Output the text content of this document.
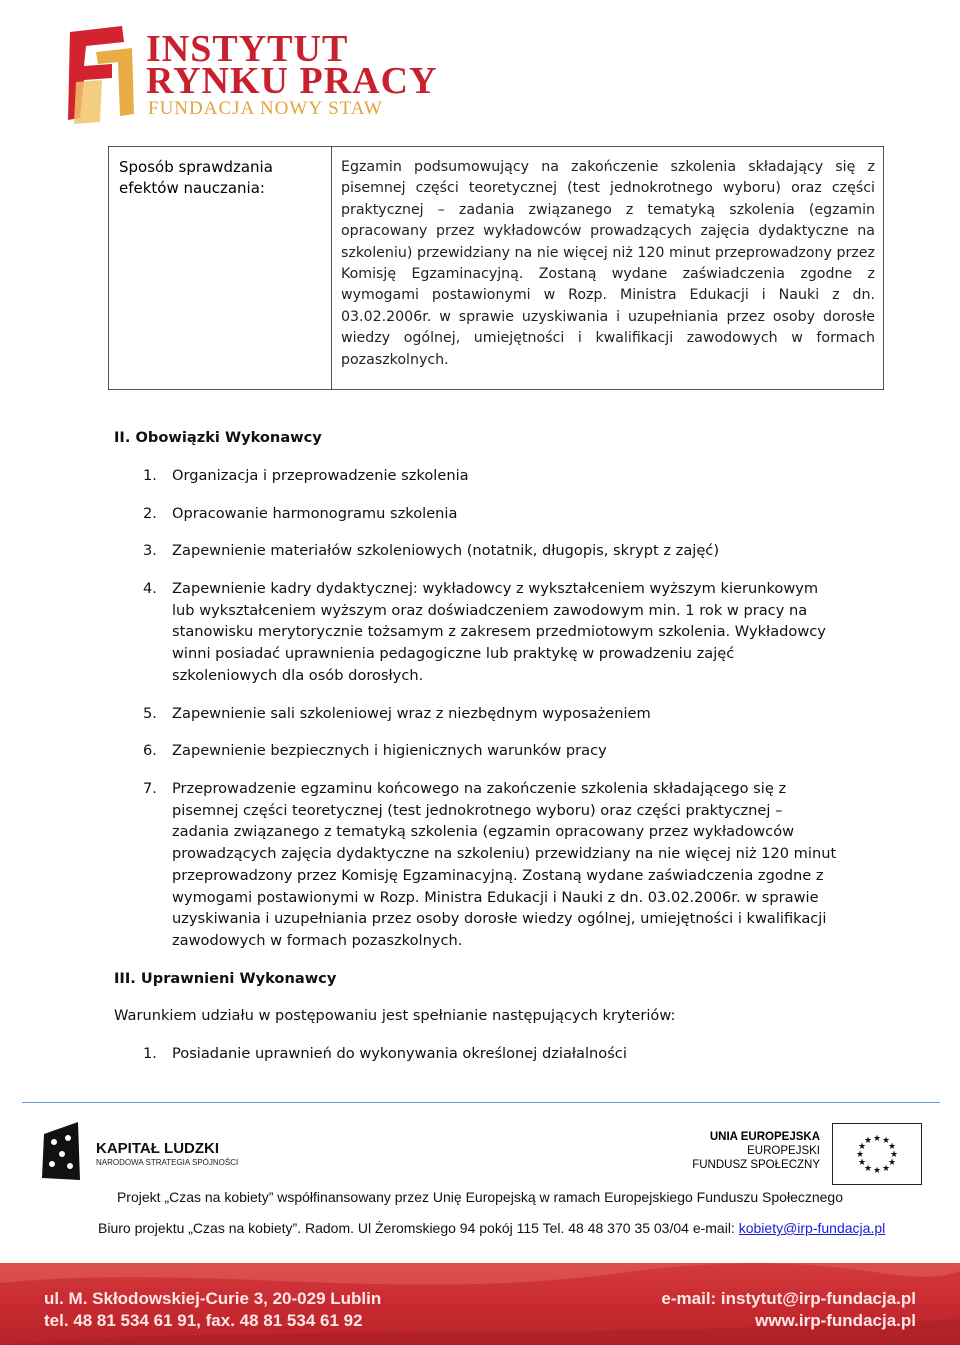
INSTYTUT
RYNKU PRACY
FUNDACJA NOWY STAW
Sposób sprawdzania efektów nauczania:
Egzamin podsumowujący na zakończenie szkolenia składający się z pisemnej części teoretycznej (test jednokrotnego wyboru) oraz części praktycznej – zadania związanego z tematyką szkolenia (egzamin opracowany przez wykładowców prowadzących zajęcia dydaktyczne na szkoleniu) przewidziany na nie więcej niż 120 minut przeprowadzony przez Komisję Egzaminacyjną. Zostaną wydane zaświadczenia zgodne z wymogami postawionymi w Rozp. Ministra Edukacji i Nauki z dn. 03.02.2006r. w sprawie uzyskiwania i uzupełniania przez osoby dorosłe wiedzy ogólnej, umiejętności i kwalifikacji zawodowych w formach pozaszkolnych.
II. Obowiązki Wykonawcy
1. Organizacja i przeprowadzenie szkolenia
2. Opracowanie harmonogramu szkolenia
3. Zapewnienie materiałów szkoleniowych (notatnik, długopis, skrypt z zajęć)
4. Zapewnienie kadry dydaktycznej: wykładowcy z wykształceniem wyższym kierunkowym lub wykształceniem wyższym oraz doświadczeniem zawodowym min. 1 rok w pracy na stanowisku merytorycznie tożsamym z zakresem przedmiotowym szkolenia. Wykładowcy winni posiadać uprawnienia pedagogiczne lub praktykę w prowadzeniu zajęć szkoleniowych dla osób dorosłych.
5. Zapewnienie sali szkoleniowej wraz z niezbędnym wyposażeniem
6. Zapewnienie bezpiecznych i higienicznych warunków pracy
7. Przeprowadzenie egzaminu końcowego na zakończenie szkolenia składającego się z pisemnej części teoretycznej (test jednokrotnego wyboru) oraz części praktycznej – zadania związanego z tematyką szkolenia (egzamin opracowany przez wykładowców prowadzących zajęcia dydaktyczne na szkoleniu) przewidziany na nie więcej niż 120 minut przeprowadzony przez Komisję Egzaminacyjną. Zostaną wydane zaświadczenia zgodne z wymogami postawionymi w Rozp. Ministra Edukacji i Nauki z dn. 03.02.2006r. w sprawie uzyskiwania i uzupełniania przez osoby dorosłe wiedzy ogólnej, umiejętności i kwalifikacji zawodowych w formach pozaszkolnych.
III. Uprawnieni Wykonawcy
Warunkiem udziału w postępowaniu jest spełnianie następujących kryteriów:
1. Posiadanie uprawnień do wykonywania określonej działalności
KAPITAŁ LUDZKI
NARODOWA STRATEGIA SPÓJNOŚCI
UNIA EUROPEJSKA
EUROPEJSKI
FUNDUSZ SPOŁECZNY
★ ★
★
★
★
★
★
★
★
★
★
★
Projekt „Czas na kobiety” współfinansowany przez Unię Europejską w ramach Europejskiego Funduszu Społecznego
Biuro projektu „Czas na kobiety”. Radom. Ul Żeromskiego 94 pokój 115 Tel. 48 48 370 35 03/04 e-mail: kobiety@irp-fundacja.pl
ul. M. Skłodowskiej-Curie 3, 20-029 Lublin
tel. 48 81 534 61 91, fax. 48 81 534 61 92
e-mail: instytut@irp-fundacja.pl
www.irp-fundacja.pl
